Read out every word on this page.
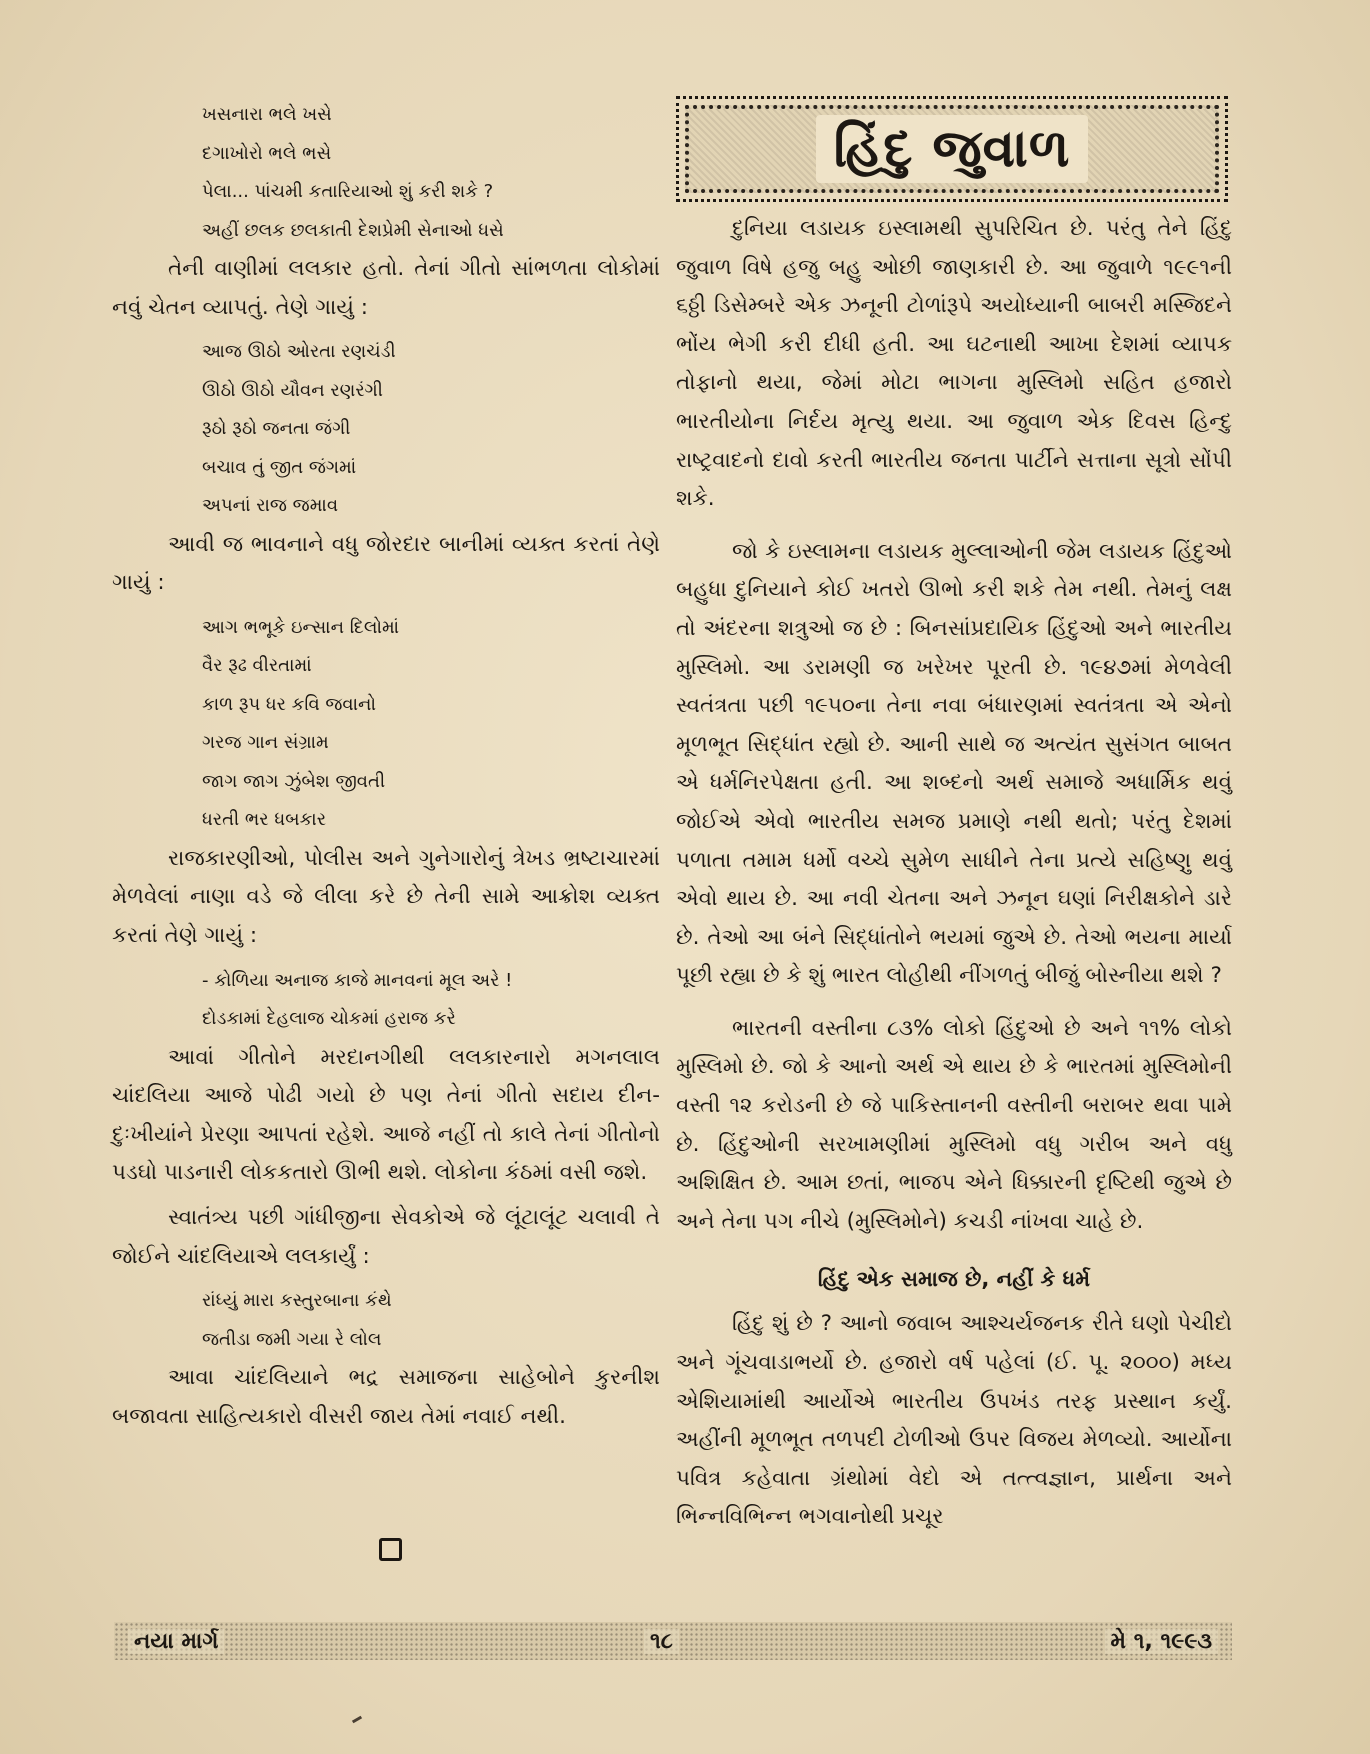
ખસનારા ભલે ખસે
દગાખોરો ભલે ભસે
પેલા... પાંચમી કતારિયાઓ શું કરી શકે ?
અહીં છલક છલકાતી દેશપ્રેમી સેનાઓ ધસે

તેની વાણીમાં લલકાર હતો. તેનાં ગીતો સાંભળતા લોકોમાં નવું ચેતન વ્યાપતું. તેણે ગાયું :

આજ ઊઠો ઓરતા રણચંડી
ઊઠો ઊઠો યૌવન રણરંગી
રૂઠો રૂઠો જનતા જંગી
બચાવ તું જીત જંગમાં
અપનાં રાજ જમાવ

આવી જ ભાવનાને વધુ જોરદાર બાનીમાં વ્યક્ત કરતાં તેણે ગાયું :

આગ ભભૂકે ઇન્સાન દિલોમાં
વૈર રૂઢ વીરતામાં
કાળ રૂપ ધર કવિ જવાનો
ગરજ ગાન સંગ્રામ
જાગ જાગ ઝુંબેશ જીવતી
ધરતી ભર ધબકાર

રાજકારણીઓ, પોલીસ અને ગુનેગારોનું ત્રેખડ ભ્રષ્ટાચારમાં મેળવેલાં નાણા વડે જે લીલા કરે છે તેની સામે આક્રોશ વ્યક્ત કરતાં તેણે ગાયું :

- કોળિયા અનાજ કાજે માનવનાં મૂલ અરે !
દોડકામાં દેહલાજ ચોકમાં હરાજ કરે

આવાં ગીતોને મરદાનગીથી લલકારનારો મગનલાલ ચાંદલિયા આજે પોઢી ગયો છે પણ તેનાં ગીતો સદાય દીન-દુઃખીયાંને પ્રેરણા આપતાં રહેશે. આજે નહીં તો કાલે તેનાં ગીતોનો પડઘો પાડનારી લોકકતારો ઊભી થશે. લોકોના કંઠમાં વસી જશે.

સ્વાતંત્ર્ય પછી ગાંધીજીના સેવકોએ જે લૂંટાલૂંટ ચલાવી તે જોઈને ચાંદલિયાએ લલકાર્યું :

રાંધ્યું મારા કસ્તુરબાના કંથે
જતીડા જમી ગયા રે લોલ

આવા ચાંદલિયાને ભદ્ર સમાજના સાહેબોને કુરનીશ બજાવતા સાહિત્યકારો વીસરી જાય તેમાં નવાઈ નથી.

હિંદુ જુવાળ

દુનિયા લડાયક ઇસ્લામથી સુપરિચિત છે. પરંતુ તેને હિંદુ જુવાળ વિષે હજુ બહુ ઓછી જાણકારી છે. આ જુવાળે ૧૯૯૧ની ૬ઠ્ઠી ડિસેમ્બરે એક ઝનૂની ટોળાંરૂપે અયોધ્યાની બાબરી મસ્જિદને ભોંય ભેગી કરી દીધી હતી. આ ઘટનાથી આખા દેશમાં વ્યાપક તોફાનો થયા, જેમાં મોટા ભાગના મુસ્લિમો સહિત હજારો ભારતીયોના નિર્દય મૃત્યુ થયા. આ જુવાળ એક દિવસ હિન્દુ રાષ્ટ્રવાદનો દાવો કરતી ભારતીય જનતા પાર્ટીને સત્તાના સૂત્રો સોંપી શકે.

જો કે ઇસ્લામના લડાયક મુલ્લાઓની જેમ લડાયક હિંદુઓ બહુધા દુનિયાને કોઈ ખતરો ઊભો કરી શકે તેમ નથી. તેમનું લક્ષ તો અંદરના શત્રુઓ જ છે : બિનસાંપ્રદાયિક હિંદુઓ અને ભારતીય મુસ્લિમો. આ ડરામણી જ ખરેખર પૂરતી છે. ૧૯૪૭માં મેળવેલી સ્વતંત્રતા પછી ૧૯૫૦ના તેના નવા બંધારણમાં સ્વતંત્રતા એ એનો મૂળભૂત સિદ્ધાંત રહ્યો છે. આની સાથે જ અત્યંત સુસંગત બાબત એ ધર્મનિરપેક્ષતા હતી. આ શબ્દનો અર્થ સમાજે અધાર્મિક થવું જોઈએ એવો ભારતીય સમજ પ્રમાણે નથી થતો; પરંતુ દેશમાં પળાતા તમામ ધર્મો વચ્ચે સુમેળ સાધીને તેના પ્રત્યે સહિષ્ણુ થવું એવો થાય છે. આ નવી ચેતના અને ઝનૂન ઘણાં નિરીક્ષકોને ડારે છે. તેઓ આ બંને સિદ્ધાંતોને ભયમાં જુએ છે. તેઓ ભયના માર્યા પૂછી રહ્યા છે કે શું ભારત લોહીથી નીંગળતું બીજું બોસ્નીયા થશે ?

ભારતની વસ્તીના ૮૩% લોકો હિંદુઓ છે અને ૧૧% લોકો મુસ્લિમો છે. જો કે આનો અર્થ એ થાય છે કે ભારતમાં મુસ્લિમોની વસ્તી ૧૨ કરોડની છે જે પાકિસ્તાનની વસ્તીની બરાબર થવા પામે છે. હિંદુઓની સરખામણીમાં મુસ્લિમો વધુ ગરીબ અને વધુ અશિક્ષિત છે. આમ છતાં, ભાજપ એને ધિક્કારની દૃષ્ટિથી જુએ છે અને તેના પગ નીચે (મુસ્લિમોને) કચડી નાંખવા ચાહે છે.

હિંદુ એક સમાજ છે, નહીં કે ધર્મ

હિંદુ શું છે ? આનો જવાબ આશ્ચર્યજનક રીતે ઘણો પેચીદો અને ગૂંચવાડાભર્યો છે. હજારો વર્ષ પહેલાં (ઈ. પૂ. ૨૦૦૦) મધ્ય એશિયામાંથી આર્યોએ ભારતીય ઉપખંડ તરફ પ્રસ્થાન કર્યું. અહીંની મૂળભૂત તળપદી ટોળીઓ ઉપર વિજય મેળવ્યો. આર્યોના પવિત્ર કહેવાતા ગ્રંથોમાં વેદો એ તત્ત્વજ્ઞાન, પ્રાર્થના અને ભિન્નવિભિન્ન ભગવાનોથી પ્રચૂર

નયા માર્ગ	૧૮	મે ૧, ૧૯૯૩
